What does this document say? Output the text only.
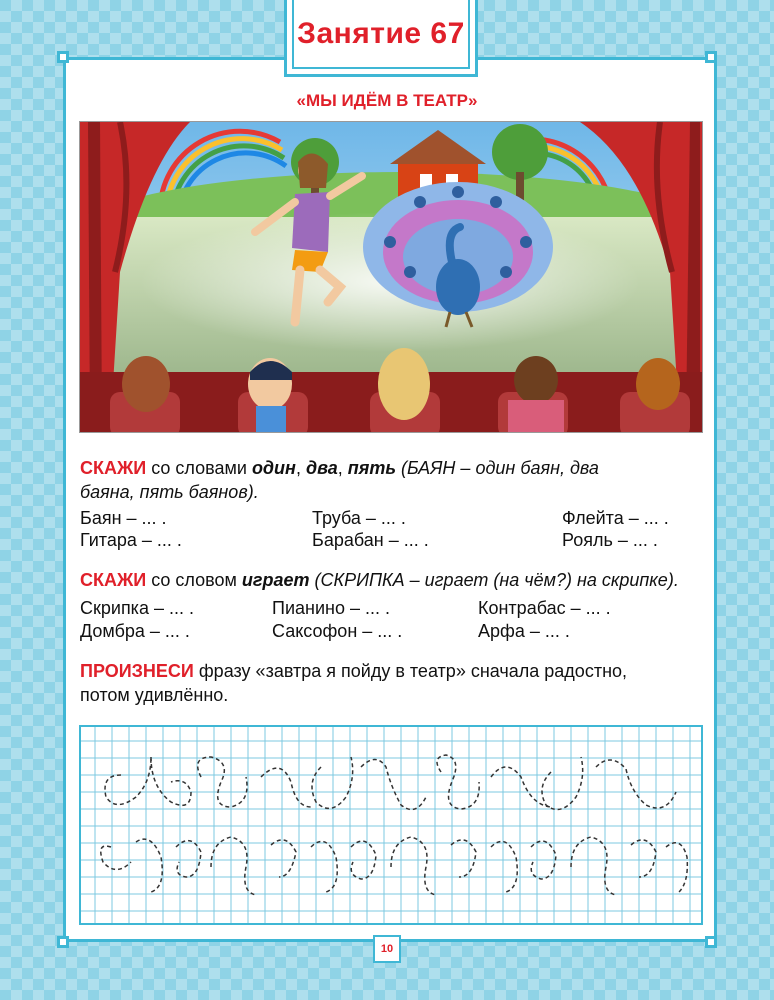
Занятие 67
«МЫ ИДЁМ В ТЕАТР»
СКАЖИ со словами один, два, пять (БАЯН – один баян, два
баяна, пять баянов).
Баян – ... .	Труба – ... .	Флейта – ... .
Гитара – ... .	Барабан – ... .	Рояль – ... .
СКАЖИ со словом играет (СКРИПКА – играет (на чём?) на скрипке).
Скрипка – ... .	Пианино – ... .	Контрабас – ... .
Домбра – ... .	Саксофон – ... .	Арфа – ... .
ПРОИЗНЕСИ фразу «завтра я пойду в театр» сначала радостно,
потом удивлённо.
10
